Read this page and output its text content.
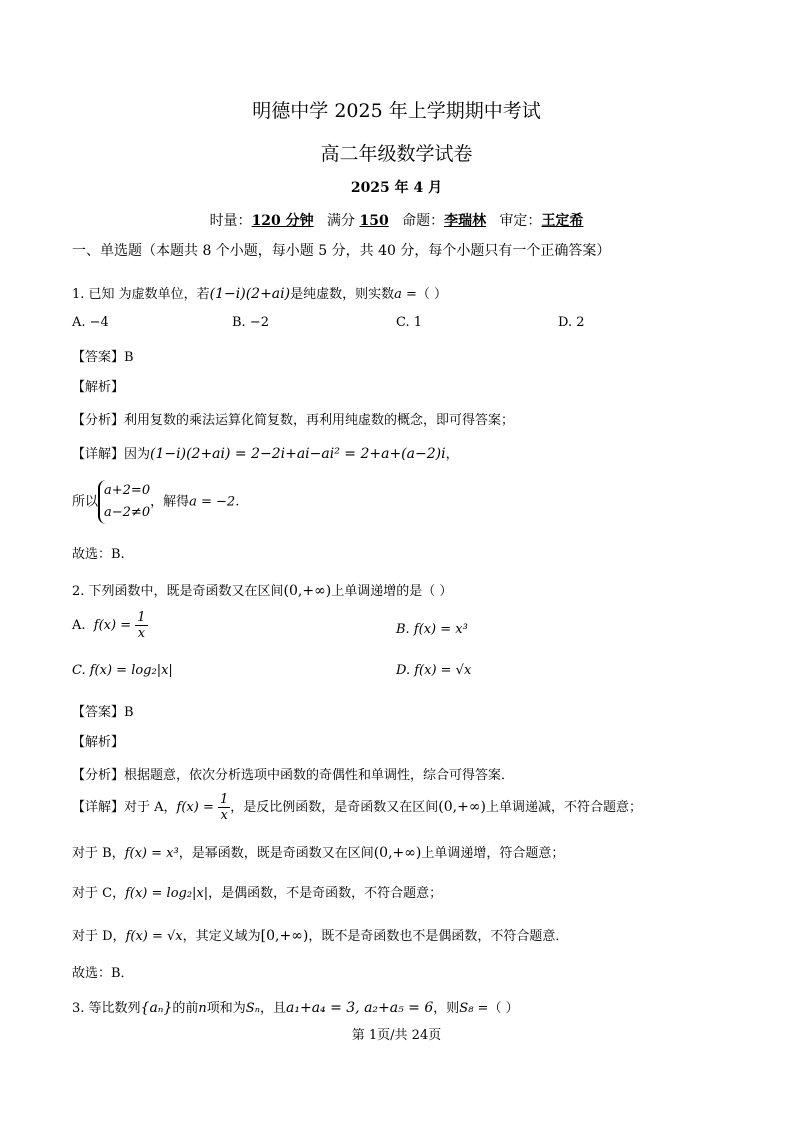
明德中学 2025 年上学期期中考试
高二年级数学试卷
2025 年 4 月
时量：120 分钟 满分 150 命题：李瑞林 审定：王定希
一、单选题（本题共 8 个小题，每小题 5 分，共 40 分，每个小题只有一个正确答案）
1. 已知 为虚数单位，若(1−i)(2+ai)是纯虚数，则实数a =（ ）
A. −4	B. −2	C. 1	D. 2
【答案】B
【解析】
【分析】利用复数的乘法运算化简复数，再利用纯虚数的概念，即可得答案；
【详解】因为(1−i)(2+ai) = 2−2i+ai−ai² = 2+a+(a−2)i，
所以
a+2=0
a−2≠0
，解得a = −2.
故选：B.
2. 下列函数中，既是奇函数又在区间(0,+∞)上单调递增的是（ ）
A. $f(x) = \frac{1}{x}$	B. f(x) = x³
C. f(x) = log₂|x|	D. f(x) = √x
【答案】B
【解析】
【分析】根据题意，依次分析选项中函数的奇偶性和单调性，综合可得答案．
【详解】对于 A，$f(x) = \frac{1}{x}$ ，是反比例函数，是奇函数又在区间(0,+∞)上单调递减，不符合题意；
对于 B，f(x) = x³，是幂函数，既是奇函数又在区间(0,+∞)上单调递增，符合题意；
对于 C，f(x) = log₂|x|，是偶函数，不是奇函数，不符合题意；
对于 D，f(x) = √x，其定义域为[0,+∞)，既不是奇函数也不是偶函数，不符合题意．
故选：B．
3. 等比数列{aₙ}的前n项和为Sₙ，且a₁+a₄ = 3, a₂+a₅ = 6，则S₈ =（ ）
第 1页/共 24页
